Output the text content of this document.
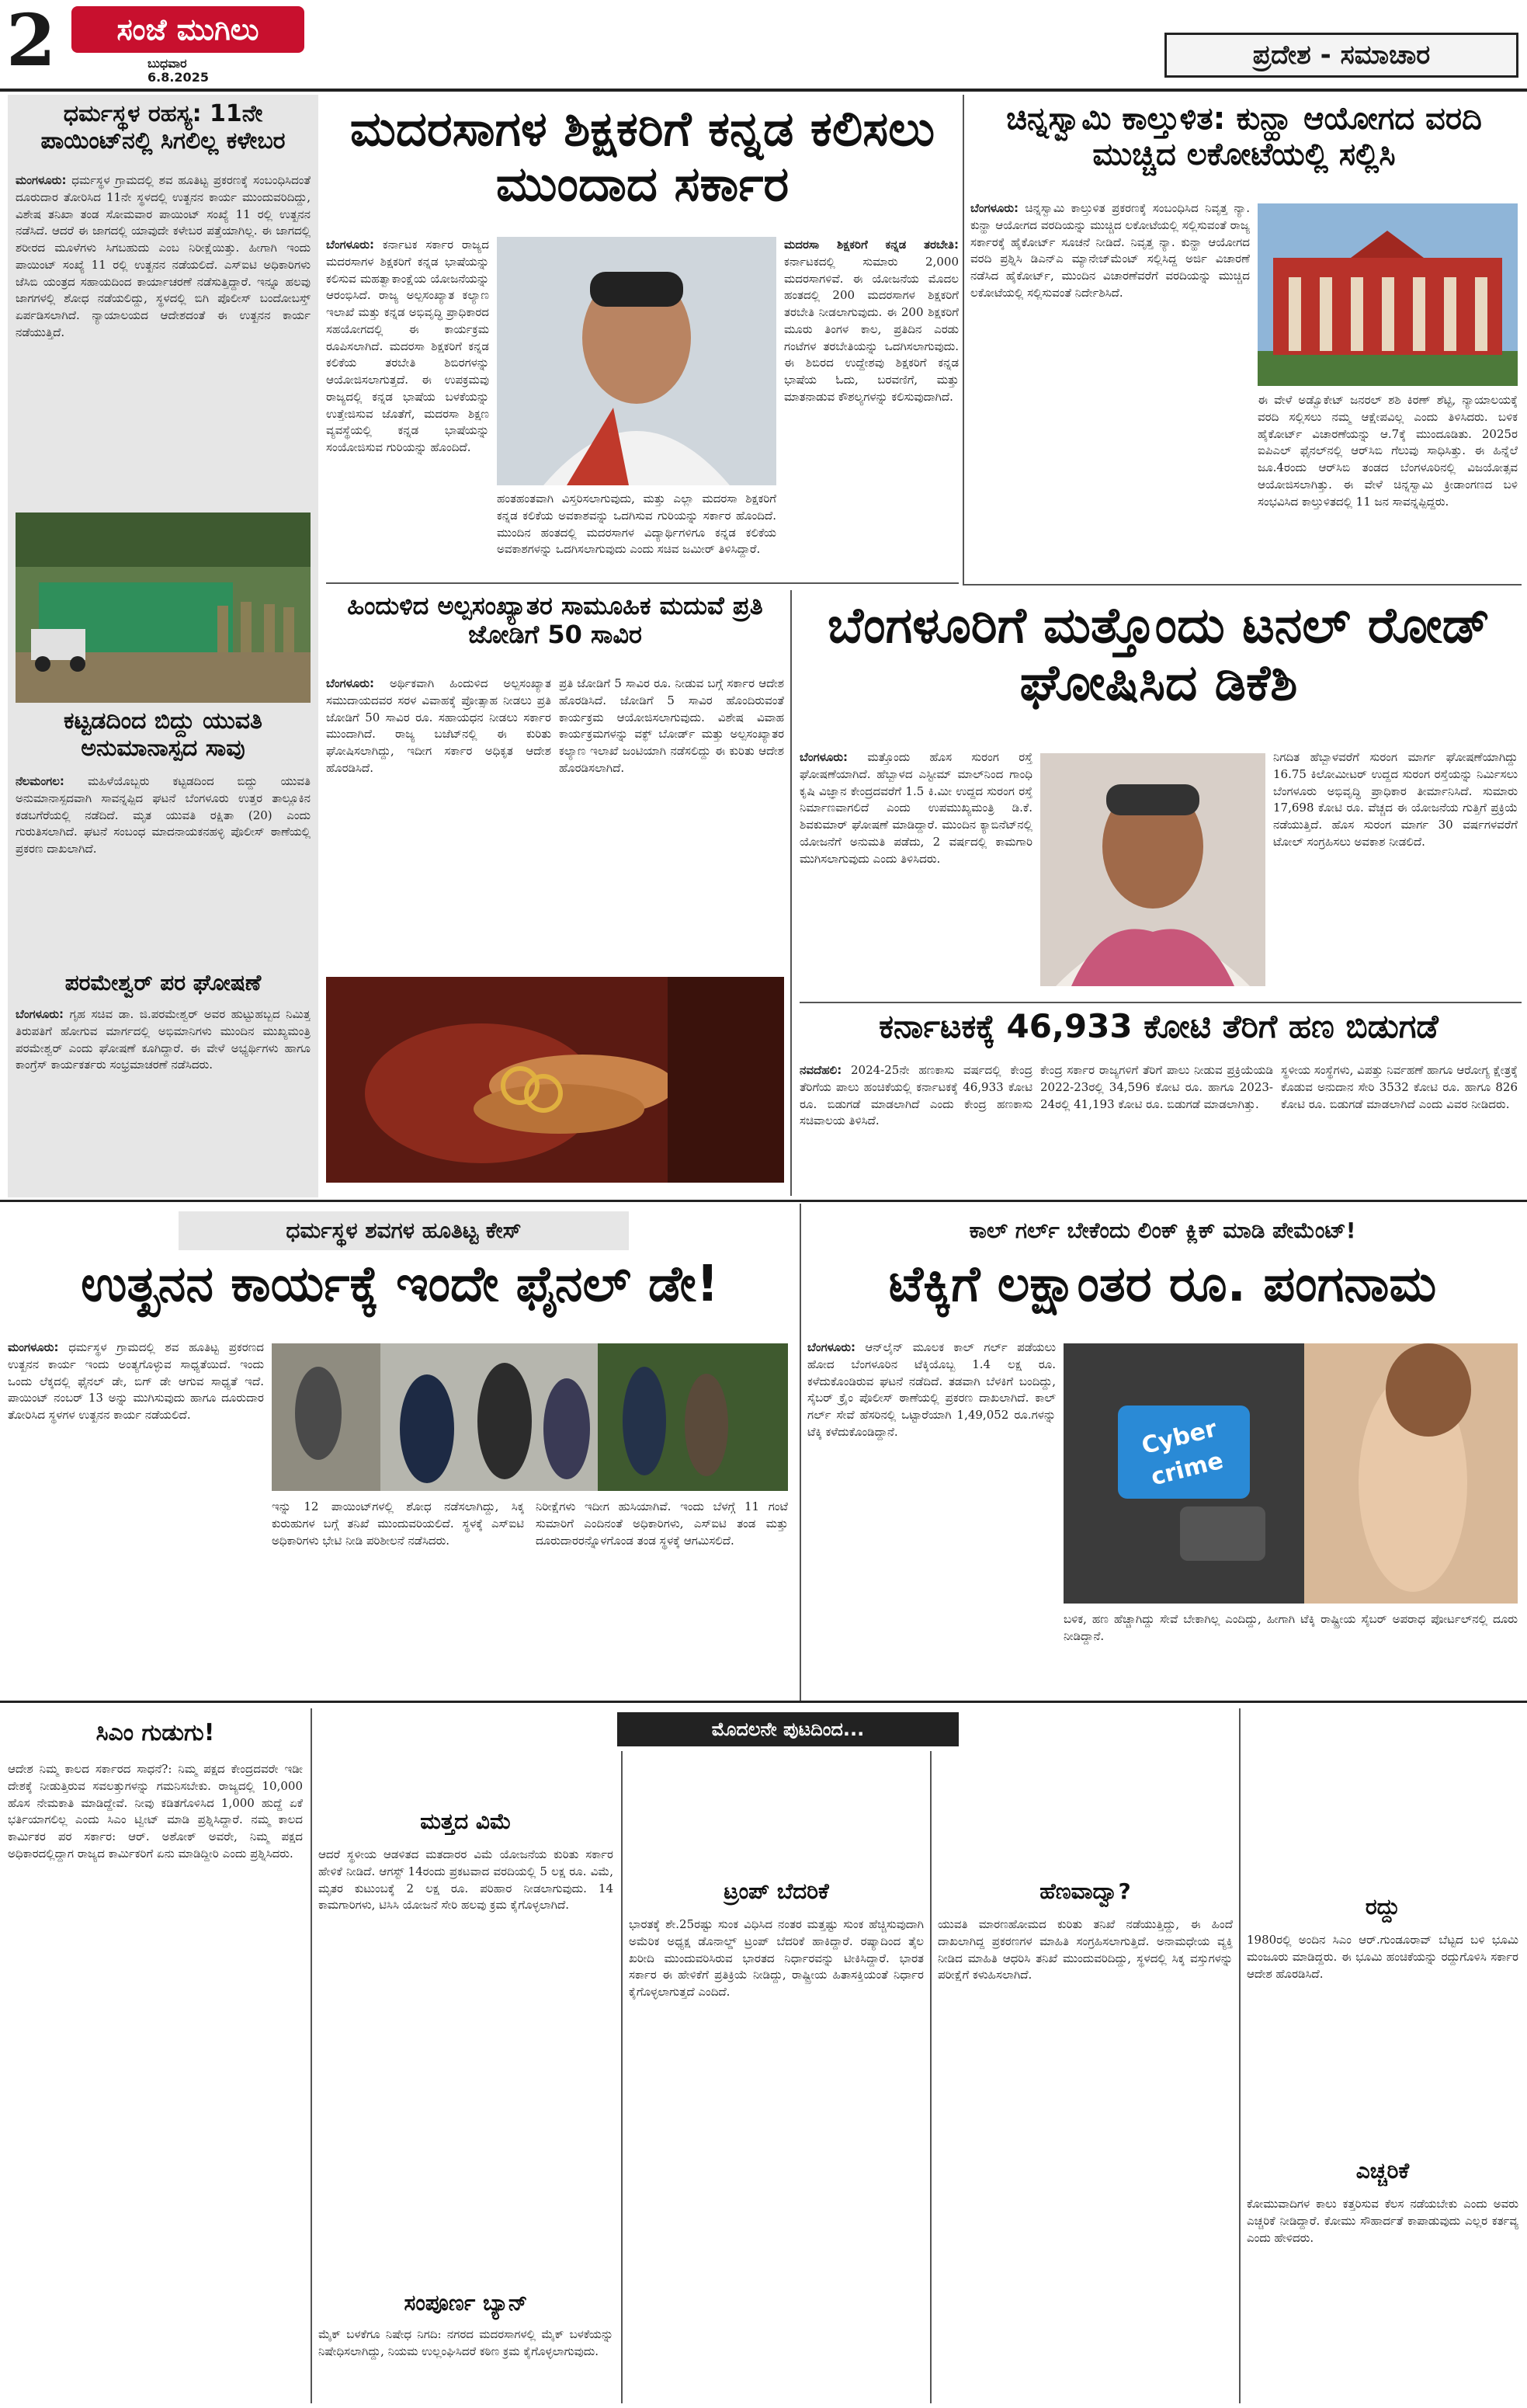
2	ಸಂಜೆ ಮುಗಿಲು
ಬುಧವಾರ
6.8.2025
ಪ್ರದೇಶ - ಸಮಾಚಾರ
ಧರ್ಮಸ್ಥಳ ರಹಸ್ಯ: 11ನೇ ಪಾಯಿಂಟ್‌ನಲ್ಲಿ ಸಿಗಲಿಲ್ಲ ಕಳೇಬರ
ಮಂಗಳೂರು: ಧರ್ಮಸ್ಥಳ ಗ್ರಾಮದಲ್ಲಿ ಶವ ಹೂತಿಟ್ಟ ಪ್ರಕರಣಕ್ಕೆ ಸಂಬಂಧಿಸಿದಂತೆ ದೂರುದಾರ ತೋರಿಸಿದ 11ನೇ ಸ್ಥಳದಲ್ಲಿ ಉತ್ಖನನ ಕಾರ್ಯ ಮುಂದುವರಿದಿದ್ದು, ವಿಶೇಷ ತನಿಖಾ ತಂಡ ಸೋಮವಾರ ಪಾಯಿಂಟ್ ಸಂಖ್ಯೆ 11 ರಲ್ಲಿ ಉತ್ಖನನ ನಡೆಸಿದೆ. ಆದರೆ ಈ ಜಾಗದಲ್ಲಿ ಯಾವುದೇ ಕಳೇಬರ ಪತ್ತೆಯಾಗಿಲ್ಲ. ಈ ಜಾಗದಲ್ಲಿ ಶರೀರದ ಮೂಳೆಗಳು ಸಿಗಬಹುದು ಎಂಬ ನಿರೀಕ್ಷೆಯಿತ್ತು. ಹೀಗಾಗಿ ಇಂದು ಪಾಯಿಂಟ್ ಸಂಖ್ಯೆ 11 ರಲ್ಲಿ ಉತ್ಖನನ ನಡೆಯಲಿದೆ. ಎಸ್‌ಐಟಿ ಅಧಿಕಾರಿಗಳು ಜೆಸಿಬಿ ಯಂತ್ರದ ಸಹಾಯದಿಂದ ಕಾರ್ಯಾಚರಣೆ ನಡೆಸುತ್ತಿದ್ದಾರೆ. ಇನ್ನೂ ಹಲವು ಜಾಗಗಳಲ್ಲಿ ಶೋಧ ನಡೆಯಲಿದ್ದು, ಸ್ಥಳದಲ್ಲಿ ಬಿಗಿ ಪೊಲೀಸ್ ಬಂದೋಬಸ್ತ್ ಏರ್ಪಡಿಸಲಾಗಿದೆ. ನ್ಯಾಯಾಲಯದ ಆದೇಶದಂತೆ ಈ ಉತ್ಖನನ ಕಾರ್ಯ ನಡೆಯುತ್ತಿದೆ.
ಕಟ್ಟಡದಿಂದ ಬಿದ್ದು ಯುವತಿ ಅನುಮಾನಾಸ್ಪದ ಸಾವು
ನೆಲಮಂಗಲ: ಮಹಿಳೆಯೊಬ್ಬರು ಕಟ್ಟಡದಿಂದ ಬಿದ್ದು ಯುವತಿ ಅನುಮಾನಾಸ್ಪದವಾಗಿ ಸಾವನ್ನಪ್ಪಿದ ಘಟನೆ ಬೆಂಗಳೂರು ಉತ್ತರ ತಾಲ್ಲೂಕಿನ ಕಡಬಗೆರೆಯಲ್ಲಿ ನಡೆದಿದೆ. ಮೃತ ಯುವತಿ ರಕ್ಷಿತಾ (20) ಎಂದು ಗುರುತಿಸಲಾಗಿದೆ. ಘಟನೆ ಸಂಬಂಧ ಮಾದನಾಯಕನಹಳ್ಳಿ ಪೊಲೀಸ್ ಠಾಣೆಯಲ್ಲಿ ಪ್ರಕರಣ ದಾಖಲಾಗಿದೆ.
ಪರಮೇಶ್ವರ್ ಪರ ಘೋಷಣೆ
ಬೆಂಗಳೂರು: ಗೃಹ ಸಚಿವ ಡಾ. ಜಿ.ಪರಮೇಶ್ವರ್ ಅವರ ಹುಟ್ಟುಹಬ್ಬದ ನಿಮಿತ್ತ ತಿರುಪತಿಗೆ ಹೋಗುವ ಮಾರ್ಗದಲ್ಲಿ ಅಭಿಮಾನಿಗಳು ಮುಂದಿನ ಮುಖ್ಯಮಂತ್ರಿ ಪರಮೇಶ್ವರ್ ಎಂದು ಘೋಷಣೆ ಕೂಗಿದ್ದಾರೆ. ಈ ವೇಳೆ ಅಭ್ಯರ್ಥಿಗಳು ಹಾಗೂ ಕಾಂಗ್ರೆಸ್ ಕಾರ್ಯಕರ್ತರು ಸಂಭ್ರಮಾಚರಣೆ ನಡೆಸಿದರು.
ಮದರಸಾಗಳ ಶಿಕ್ಷಕರಿಗೆ ಕನ್ನಡ ಕಲಿಸಲು ಮುಂದಾದ ಸರ್ಕಾರ
ಬೆಂಗಳೂರು: ಕರ್ನಾಟಕ ಸರ್ಕಾರ ರಾಜ್ಯದ ಮದರಸಾಗಳ ಶಿಕ್ಷಕರಿಗೆ ಕನ್ನಡ ಭಾಷೆಯನ್ನು ಕಲಿಸುವ ಮಹತ್ವಾಕಾಂಕ್ಷೆಯ ಯೋಜನೆಯನ್ನು ಆರಂಭಿಸಿದೆ. ರಾಜ್ಯ ಅಲ್ಪಸಂಖ್ಯಾತ ಕಲ್ಯಾಣ ಇಲಾಖೆ ಮತ್ತು ಕನ್ನಡ ಅಭಿವೃದ್ಧಿ ಪ್ರಾಧಿಕಾರದ ಸಹಯೋಗದಲ್ಲಿ ಈ ಕಾರ್ಯಕ್ರಮ ರೂಪಿಸಲಾಗಿದೆ. ಮದರಸಾ ಶಿಕ್ಷಕರಿಗೆ ಕನ್ನಡ ಕಲಿಕೆಯ ತರಬೇತಿ ಶಿಬಿರಗಳನ್ನು ಆಯೋಜಿಸಲಾಗುತ್ತದೆ. ಈ ಉಪಕ್ರಮವು ರಾಜ್ಯದಲ್ಲಿ ಕನ್ನಡ ಭಾಷೆಯ ಬಳಕೆಯನ್ನು ಉತ್ತೇಜಿಸುವ ಜೊತೆಗೆ, ಮದರಸಾ ಶಿಕ್ಷಣ ವ್ಯವಸ್ಥೆಯಲ್ಲಿ ಕನ್ನಡ ಭಾಷೆಯನ್ನು ಸಂಯೋಜಿಸುವ ಗುರಿಯನ್ನು ಹೊಂದಿದೆ.
ಮದರಸಾ ಶಿಕ್ಷಕರಿಗೆ ಕನ್ನಡ ತರಬೇತಿ: ಕರ್ನಾಟಕದಲ್ಲಿ ಸುಮಾರು 2,000 ಮದರಸಾಗಳಿವೆ. ಈ ಯೋಜನೆಯ ಮೊದಲ ಹಂತದಲ್ಲಿ 200 ಮದರಸಾಗಳ ಶಿಕ್ಷಕರಿಗೆ ತರಬೇತಿ ನೀಡಲಾಗುವುದು. ಈ 200 ಶಿಕ್ಷಕರಿಗೆ ಮೂರು ತಿಂಗಳ ಕಾಲ, ಪ್ರತಿದಿನ ಎರಡು ಗಂಟೆಗಳ ತರಬೇತಿಯನ್ನು ಒದಗಿಸಲಾಗುವುದು. ಈ ಶಿಬಿರದ ಉದ್ದೇಶವು ಶಿಕ್ಷಕರಿಗೆ ಕನ್ನಡ ಭಾಷೆಯ ಓದು, ಬರವಣಿಗೆ, ಮತ್ತು ಮಾತನಾಡುವ ಕೌಶಲ್ಯಗಳನ್ನು ಕಲಿಸುವುದಾಗಿದೆ.
ಹಂತಹಂತವಾಗಿ ವಿಸ್ತರಿಸಲಾಗುವುದು, ಮತ್ತು ಎಲ್ಲಾ ಮದರಸಾ ಶಿಕ್ಷಕರಿಗೆ ಕನ್ನಡ ಕಲಿಕೆಯ ಅವಕಾಶವನ್ನು ಒದಗಿಸುವ ಗುರಿಯನ್ನು ಸರ್ಕಾರ ಹೊಂದಿದೆ. ಮುಂದಿನ ಹಂತದಲ್ಲಿ ಮದರಸಾಗಳ ವಿದ್ಯಾರ್ಥಿಗಳಿಗೂ ಕನ್ನಡ ಕಲಿಕೆಯ ಅವಕಾಶಗಳನ್ನು ಒದಗಿಸಲಾಗುವುದು ಎಂದು ಸಚಿವ ಜಮೀರ್ ತಿಳಿಸಿದ್ದಾರೆ.
ಚಿನ್ನಸ್ವಾಮಿ ಕಾಲ್ತುಳಿತ: ಕುನ್ಹಾ ಆಯೋಗದ ವರದಿ ಮುಚ್ಚಿದ ಲಕೋಟೆಯಲ್ಲಿ ಸಲ್ಲಿಸಿ
ಬೆಂಗಳೂರು: ಚಿನ್ನಸ್ವಾಮಿ ಕಾಲ್ತುಳಿತ ಪ್ರಕರಣಕ್ಕೆ ಸಂಬಂಧಿಸಿದ ನಿವೃತ್ತ ನ್ಯಾ. ಕುನ್ಹಾ ಆಯೋಗದ ವರದಿಯನ್ನು ಮುಚ್ಚಿದ ಲಕೋಟೆಯಲ್ಲಿ ಸಲ್ಲಿಸುವಂತೆ ರಾಜ್ಯ ಸರ್ಕಾರಕ್ಕೆ ಹೈಕೋರ್ಟ್ ಸೂಚನೆ ನೀಡಿದೆ. ನಿವೃತ್ತ ನ್ಯಾ. ಕುನ್ಹಾ ಆಯೋಗದ ವರದಿ ಪ್ರಶ್ನಿಸಿ ಡಿಎನ್‌ಎ ಮ್ಯಾನೇಜ್‌ಮೆಂಟ್ ಸಲ್ಲಿಸಿದ್ದ ಅರ್ಜಿ ವಿಚಾರಣೆ ನಡೆಸಿದ ಹೈಕೋರ್ಟ್, ಮುಂದಿನ ವಿಚಾರಣೆವರೆಗೆ ವರದಿಯನ್ನು ಮುಚ್ಚಿದ ಲಕೋಟೆಯಲ್ಲಿ ಸಲ್ಲಿಸುವಂತೆ ನಿರ್ದೇಶಿಸಿದೆ.
ಈ ವೇಳೆ ಅಡ್ವೊಕೇಟ್ ಜನರಲ್ ಶಶಿ ಕಿರಣ್ ಶೆಟ್ಟಿ, ನ್ಯಾಯಾಲಯಕ್ಕೆ ವರದಿ ಸಲ್ಲಿಸಲು ನಮ್ಮ ಆಕ್ಷೇಪವಿಲ್ಲ ಎಂದು ತಿಳಿಸಿದರು. ಬಳಿಕ ಹೈಕೋರ್ಟ್ ವಿಚಾರಣೆಯನ್ನು ಆ.7ಕ್ಕೆ ಮುಂದೂಡಿತು. 2025ರ ಐಪಿಎಲ್ ಫೈನಲ್‌ನಲ್ಲಿ ಆರ್‌ಸಿಬಿ ಗೆಲುವು ಸಾಧಿಸಿತ್ತು. ಈ ಹಿನ್ನೆಲೆ ಜೂ.4ರಂದು ಆರ್‌ಸಿಬಿ ತಂಡದ ಬೆಂಗಳೂರಿನಲ್ಲಿ ವಿಜಯೋತ್ಸವ ಆಯೋಜಿಸಲಾಗಿತ್ತು. ಈ ವೇಳೆ ಚಿನ್ನಸ್ವಾಮಿ ಕ್ರೀಡಾಂಗಣದ ಬಳಿ ಸಂಭವಿಸಿದ ಕಾಲ್ತುಳಿತದಲ್ಲಿ 11 ಜನ ಸಾವನ್ನಪ್ಪಿದ್ದರು.
ಹಿಂದುಳಿದ ಅಲ್ಪಸಂಖ್ಯಾತರ ಸಾಮೂಹಿಕ ಮದುವೆ ಪ್ರತಿ ಜೋಡಿಗೆ 50 ಸಾವಿರ
ಬೆಂಗಳೂರು: ಅರ್ಥಿಕವಾಗಿ ಹಿಂದುಳಿದ ಅಲ್ಪಸಂಖ್ಯಾತ ಸಮುದಾಯದವರ ಸರಳ ವಿವಾಹಕ್ಕೆ ಪ್ರೋತ್ಸಾಹ ನೀಡಲು ಪ್ರತಿ ಜೋಡಿಗೆ 50 ಸಾವಿರ ರೂ. ಸಹಾಯಧನ ನೀಡಲು ಸರ್ಕಾರ ಮುಂದಾಗಿದೆ. ರಾಜ್ಯ ಬಜೆಟ್‌ನಲ್ಲಿ ಈ ಕುರಿತು ಘೋಷಿಸಲಾಗಿದ್ದು, ಇದೀಗ ಸರ್ಕಾರ ಅಧಿಕೃತ ಆದೇಶ ಹೊರಡಿಸಿದೆ.
ಪ್ರತಿ ಜೋಡಿಗೆ 5 ಸಾವಿರ ರೂ. ನೀಡುವ ಬಗ್ಗೆ ಸರ್ಕಾರ ಆದೇಶ ಹೊರಡಿಸಿದೆ. ಜೋಡಿಗೆ 5 ಸಾವಿರ ಹೊಂದಿರುವಂತೆ ಕಾರ್ಯಕ್ರಮ ಆಯೋಜಿಸಲಾಗುವುದು. ವಿಶೇಷ ವಿವಾಹ ಕಾರ್ಯಕ್ರಮಗಳನ್ನು ವಕ್ಫ್ ಬೋರ್ಡ್ ಮತ್ತು ಅಲ್ಪಸಂಖ್ಯಾತರ ಕಲ್ಯಾಣ ಇಲಾಖೆ ಜಂಟಿಯಾಗಿ ನಡೆಸಲಿದ್ದು ಈ ಕುರಿತು ಆದೇಶ ಹೊರಡಿಸಲಾಗಿದೆ.
ಬೆಂಗಳೂರಿಗೆ ಮತ್ತೊಂದು ಟನಲ್ ರೋಡ್ ಘೋಷಿಸಿದ ಡಿಕೆಶಿ
ಬೆಂಗಳೂರು: ಮತ್ತೊಂದು ಹೊಸ ಸುರಂಗ ರಸ್ತೆ ಘೋಷಣೆಯಾಗಿದೆ. ಹೆಬ್ಬಾಳದ ಎಸ್ಟೀಮ್ ಮಾಲ್‌ನಿಂದ ಗಾಂಧಿ ಕೃಷಿ ವಿಜ್ಞಾನ ಕೇಂದ್ರದವರೆಗೆ 1.5 ಕಿ.ಮೀ ಉದ್ದದ ಸುರಂಗ ರಸ್ತೆ ನಿರ್ಮಾಣವಾಗಲಿದೆ ಎಂದು ಉಪಮುಖ್ಯಮಂತ್ರಿ ಡಿ.ಕೆ. ಶಿವಕುಮಾರ್ ಘೋಷಣೆ ಮಾಡಿದ್ದಾರೆ. ಮುಂದಿನ ಕ್ಯಾಬಿನೆಟ್‌ನಲ್ಲಿ ಯೋಜನೆಗೆ ಅನುಮತಿ ಪಡೆದು, 2 ವರ್ಷದಲ್ಲಿ ಕಾಮಗಾರಿ ಮುಗಿಸಲಾಗುವುದು ಎಂದು ತಿಳಿಸಿದರು.
ನಿಗದಿತ ಹೆಬ್ಬಾಳವರೆಗೆ ಸುರಂಗ ಮಾರ್ಗ ಘೋಷಣೆಯಾಗಿದ್ದು 16.75 ಕಿಲೋಮೀಟರ್ ಉದ್ದದ ಸುರಂಗ ರಸ್ತೆಯನ್ನು ನಿರ್ಮಿಸಲು ಬೆಂಗಳೂರು ಅಭಿವೃದ್ಧಿ ಪ್ರಾಧಿಕಾರ ತೀರ್ಮಾನಿಸಿದೆ. ಸುಮಾರು 17,698 ಕೋಟಿ ರೂ. ವೆಚ್ಚದ ಈ ಯೋಜನೆಯ ಗುತ್ತಿಗೆ ಪ್ರಕ್ರಿಯೆ ನಡೆಯುತ್ತಿದೆ. ಹೊಸ ಸುರಂಗ ಮಾರ್ಗ 30 ವರ್ಷಗಳವರೆಗೆ ಟೋಲ್ ಸಂಗ್ರಹಿಸಲು ಅವಕಾಶ ನೀಡಲಿದೆ.
ಕರ್ನಾಟಕಕ್ಕೆ 46,933 ಕೋಟಿ ತೆರಿಗೆ ಹಣ ಬಿಡುಗಡೆ
ನವದೆಹಲಿ: 2024-25ನೇ ಹಣಕಾಸು ವರ್ಷದಲ್ಲಿ ಕೇಂದ್ರ ತೆರಿಗೆಯ ಪಾಲು ಹಂಚಿಕೆಯಲ್ಲಿ ಕರ್ನಾಟಕಕ್ಕೆ 46,933 ಕೋಟಿ ರೂ. ಬಿಡುಗಡೆ ಮಾಡಲಾಗಿದೆ ಎಂದು ಕೇಂದ್ರ ಹಣಕಾಸು ಸಚಿವಾಲಯ ತಿಳಿಸಿದೆ.
ಕೇಂದ್ರ ಸರ್ಕಾರ ರಾಜ್ಯಗಳಿಗೆ ತೆರಿಗೆ ಪಾಲು ನೀಡುವ ಪ್ರಕ್ರಿಯೆಯಡಿ 2022-23ರಲ್ಲಿ 34,596 ಕೋಟಿ ರೂ. ಹಾಗೂ 2023-24ರಲ್ಲಿ 41,193 ಕೋಟಿ ರೂ. ಬಿಡುಗಡೆ ಮಾಡಲಾಗಿತ್ತು.
ಸ್ಥಳೀಯ ಸಂಸ್ಥೆಗಳು, ವಿಪತ್ತು ನಿರ್ವಹಣೆ ಹಾಗೂ ಆರೋಗ್ಯ ಕ್ಷೇತ್ರಕ್ಕೆ ಕೊಡುವ ಅನುದಾನ ಸೇರಿ 3532 ಕೋಟಿ ರೂ. ಹಾಗೂ 826 ಕೋಟಿ ರೂ. ಬಿಡುಗಡೆ ಮಾಡಲಾಗಿದೆ ಎಂದು ವಿವರ ನೀಡಿದರು.
ಧರ್ಮಸ್ಥಳ ಶವಗಳ ಹೂತಿಟ್ಟ ಕೇಸ್
ಉತ್ಖನನ ಕಾರ್ಯಕ್ಕೆ ಇಂದೇ ಫೈನಲ್ ಡೇ!
ಮಂಗಳೂರು: ಧರ್ಮಸ್ಥಳ ಗ್ರಾಮದಲ್ಲಿ ಶವ ಹೂತಿಟ್ಟ ಪ್ರಕರಣದ ಉತ್ಖನನ ಕಾರ್ಯ ಇಂದು ಅಂತ್ಯಗೊಳ್ಳುವ ಸಾಧ್ಯತೆಯಿದೆ. ಇಂದು ಒಂದು ಲೆಕ್ಕದಲ್ಲಿ ಫೈನಲ್ ಡೇ, ಬಿಗ್ ಡೇ ಆಗುವ ಸಾಧ್ಯತೆ ಇದೆ. ಪಾಯಿಂಟ್ ನಂಬರ್ 13 ಅನ್ನು ಮುಗಿಸುವುದು ಹಾಗೂ ದೂರುದಾರ ತೋರಿಸಿದ ಸ್ಥಳಗಳ ಉತ್ಖನನ ಕಾರ್ಯ ನಡೆಯಲಿದೆ.
ಇನ್ನು 12 ಪಾಯಿಂಟ್‌ಗಳಲ್ಲಿ ಶೋಧ ನಡೆಸಲಾಗಿದ್ದು, ಸಿಕ್ಕ ಕುರುಹುಗಳ ಬಗ್ಗೆ ತನಿಖೆ ಮುಂದುವರಿಯಲಿದೆ. ಸ್ಥಳಕ್ಕೆ ಎಸ್‌ಐಟಿ ಅಧಿಕಾರಿಗಳು ಭೇಟಿ ನೀಡಿ ಪರಿಶೀಲನೆ ನಡೆಸಿದರು.
ನಿರೀಕ್ಷೆಗಳು ಇದೀಗ ಹುಸಿಯಾಗಿವೆ. ಇಂದು ಬೆಳಗ್ಗೆ 11 ಗಂಟೆ ಸುಮಾರಿಗೆ ಎಂದಿನಂತೆ ಅಧಿಕಾರಿಗಳು, ಎಸ್‌ಐಟಿ ತಂಡ ಮತ್ತು ದೂರುದಾರರನ್ನೊಳಗೊಂಡ ತಂಡ ಸ್ಥಳಕ್ಕೆ ಆಗಮಿಸಲಿದೆ.
ಕಾಲ್ ಗರ್ಲ್ ಬೇಕೆಂದು ಲಿಂಕ್ ಕ್ಲಿಕ್ ಮಾಡಿ ಪೇಮೆಂಟ್!
ಟೆಕ್ಕಿಗೆ ಲಕ್ಷಾಂತರ ರೂ. ಪಂಗನಾಮ
ಬೆಂಗಳೂರು: ಆನ್‌ಲೈನ್ ಮೂಲಕ ಕಾಲ್ ಗರ್ಲ್ ಪಡೆಯಲು ಹೋದ ಬೆಂಗಳೂರಿನ ಟೆಕ್ಕಿಯೊಬ್ಬ 1.4 ಲಕ್ಷ ರೂ. ಕಳೆದುಕೊಂಡಿರುವ ಘಟನೆ ನಡೆದಿದೆ. ತಡವಾಗಿ ಬೆಳಕಿಗೆ ಬಂದಿದ್ದು, ಸೈಬರ್ ಕ್ರೈಂ ಪೊಲೀಸ್ ಠಾಣೆಯಲ್ಲಿ ಪ್ರಕರಣ ದಾಖಲಾಗಿದೆ. ಕಾಲ್ ಗರ್ಲ್ ಸೇವೆ ಹೆಸರಿನಲ್ಲಿ ಒಟ್ಟಾರೆಯಾಗಿ 1,49,052 ರೂ.ಗಳನ್ನು ಟೆಕ್ಕಿ ಕಳೆದುಕೊಂಡಿದ್ದಾನೆ.	Cyber crime
ಬಳಿಕ, ಹಣ ಹೆಚ್ಚಾಗಿದ್ದು ಸೇವೆ ಬೇಕಾಗಿಲ್ಲ ಎಂದಿದ್ದು, ಹೀಗಾಗಿ ಟೆಕ್ಕಿ ರಾಷ್ಟ್ರೀಯ ಸೈಬರ್ ಅಪರಾಧ ಪೋರ್ಟಲ್‌ನಲ್ಲಿ ದೂರು ನೀಡಿದ್ದಾನೆ.
ಸಿಎಂ ಗುಡುಗು!
ಆದೇಶ ನಿಮ್ಮ ಕಾಲದ ಸರ್ಕಾರದ ಸಾಧನೆ?: ನಿಮ್ಮ ಪಕ್ಷದ ಕೇಂದ್ರದವರೇ ಇಡೀ ದೇಶಕ್ಕೆ ನೀಡುತ್ತಿರುವ ಸವಲತ್ತುಗಳನ್ನು ಗಮನಿಸಬೇಕು. ರಾಜ್ಯದಲ್ಲಿ 10,000 ಹೊಸ ನೇಮಕಾತಿ ಮಾಡಿದ್ದೇವೆ. ನೀವು ಕಡಿತಗೊಳಿಸಿದ 1,000 ಹುದ್ದೆ ಏಕೆ ಭರ್ತಿಯಾಗಲಿಲ್ಲ ಎಂದು ಸಿಎಂ ಟ್ವೀಟ್ ಮಾಡಿ ಪ್ರಶ್ನಿಸಿದ್ದಾರೆ. ನಮ್ಮ ಕಾಲದ ಕಾರ್ಮಿಕರ ಪರ ಸರ್ಕಾರ: ಆರ್. ಅಶೋಕ್ ಅವರೇ, ನಿಮ್ಮ ಪಕ್ಷದ ಅಧಿಕಾರದಲ್ಲಿದ್ದಾಗ ರಾಜ್ಯದ ಕಾರ್ಮಿಕರಿಗೆ ಏನು ಮಾಡಿದ್ದೀರಿ ಎಂದು ಪ್ರಶ್ನಿಸಿದರು.
ಮೊದಲನೇ ಪುಟದಿಂದ...
ಮತ್ತದ ವಿಮೆ
ಆದರೆ ಸ್ಥಳೀಯ ಆಡಳಿತದ ಮತದಾರರ ವಿಮೆ ಯೋಜನೆಯ ಕುರಿತು ಸರ್ಕಾರ ಹೇಳಿಕೆ ನೀಡಿದೆ. ಆಗಸ್ಟ್ 14ರಂದು ಪ್ರಕಟವಾದ ವರದಿಯಲ್ಲಿ 5 ಲಕ್ಷ ರೂ. ವಿಮೆ, ಮೃತರ ಕುಟುಂಬಕ್ಕೆ 2 ಲಕ್ಷ ರೂ. ಪರಿಹಾರ ನೀಡಲಾಗುವುದು. 14 ಕಾಮಗಾರಿಗಳು, ಟಿಸಿಸಿ ಯೋಜನೆ ಸೇರಿ ಹಲವು ಕ್ರಮ ಕೈಗೊಳ್ಳಲಾಗಿದೆ.
ಸಂಪೂರ್ಣ ಬ್ಯಾನ್
ಮೈಕ್ ಬಳಕೆಗೂ ನಿಷೇಧ ನಿಗದಿ: ನಗರದ ಮದರಸಾಗಳಲ್ಲಿ ಮೈಕ್ ಬಳಕೆಯನ್ನು ನಿಷೇಧಿಸಲಾಗಿದ್ದು, ನಿಯಮ ಉಲ್ಲಂಘಿಸಿದರೆ ಕಠಿಣ ಕ್ರಮ ಕೈಗೊಳ್ಳಲಾಗುವುದು.
ಟ್ರಂಪ್ ಬೆದರಿಕೆ
ಭಾರತಕ್ಕೆ ಶೇ.25ರಷ್ಟು ಸುಂಕ ವಿಧಿಸಿದ ನಂತರ ಮತ್ತಷ್ಟು ಸುಂಕ ಹೆಚ್ಚಿಸುವುದಾಗಿ ಅಮೆರಿಕ ಅಧ್ಯಕ್ಷ ಡೊನಾಲ್ಡ್ ಟ್ರಂಪ್ ಬೆದರಿಕೆ ಹಾಕಿದ್ದಾರೆ. ರಷ್ಯಾದಿಂದ ತೈಲ ಖರೀದಿ ಮುಂದುವರಿಸಿರುವ ಭಾರತದ ನಿರ್ಧಾರವನ್ನು ಟೀಕಿಸಿದ್ದಾರೆ. ಭಾರತ ಸರ್ಕಾರ ಈ ಹೇಳಿಕೆಗೆ ಪ್ರತಿಕ್ರಿಯೆ ನೀಡಿದ್ದು, ರಾಷ್ಟ್ರೀಯ ಹಿತಾಸಕ್ತಿಯಂತೆ ನಿರ್ಧಾರ ಕೈಗೊಳ್ಳಲಾಗುತ್ತದೆ ಎಂದಿದೆ.
ಹೆಣವಾದ್ವಾ?
ಯುವತಿ ಮಾರಣಹೋಮದ ಕುರಿತು ತನಿಖೆ ನಡೆಯುತ್ತಿದ್ದು, ಈ ಹಿಂದೆ ದಾಖಲಾಗಿದ್ದ ಪ್ರಕರಣಗಳ ಮಾಹಿತಿ ಸಂಗ್ರಹಿಸಲಾಗುತ್ತಿದೆ. ಅನಾಮಧೇಯ ವ್ಯಕ್ತಿ ನೀಡಿದ ಮಾಹಿತಿ ಆಧರಿಸಿ ತನಿಖೆ ಮುಂದುವರಿದಿದ್ದು, ಸ್ಥಳದಲ್ಲಿ ಸಿಕ್ಕ ವಸ್ತುಗಳನ್ನು ಪರೀಕ್ಷೆಗೆ ಕಳುಹಿಸಲಾಗಿದೆ.
ರದ್ದು
1980ರಲ್ಲಿ ಅಂದಿನ ಸಿಎಂ ಆರ್.ಗುಂಡೂರಾವ್ ಬೆಟ್ಟದ ಬಳಿ ಭೂಮಿ ಮಂಜೂರು ಮಾಡಿದ್ದರು. ಈ ಭೂಮಿ ಹಂಚಿಕೆಯನ್ನು ರದ್ದುಗೊಳಿಸಿ ಸರ್ಕಾರ ಆದೇಶ ಹೊರಡಿಸಿದೆ.
ಎಚ್ಚರಿಕೆ
ಕೋಮುವಾದಿಗಳ ಕಾಲು ಕತ್ತರಿಸುವ ಕೆಲಸ ನಡೆಯಬೇಕು ಎಂದು ಅವರು ಎಚ್ಚರಿಕೆ ನೀಡಿದ್ದಾರೆ. ಕೋಮು ಸೌಹಾರ್ದತೆ ಕಾಪಾಡುವುದು ಎಲ್ಲರ ಕರ್ತವ್ಯ ಎಂದು ಹೇಳಿದರು.
